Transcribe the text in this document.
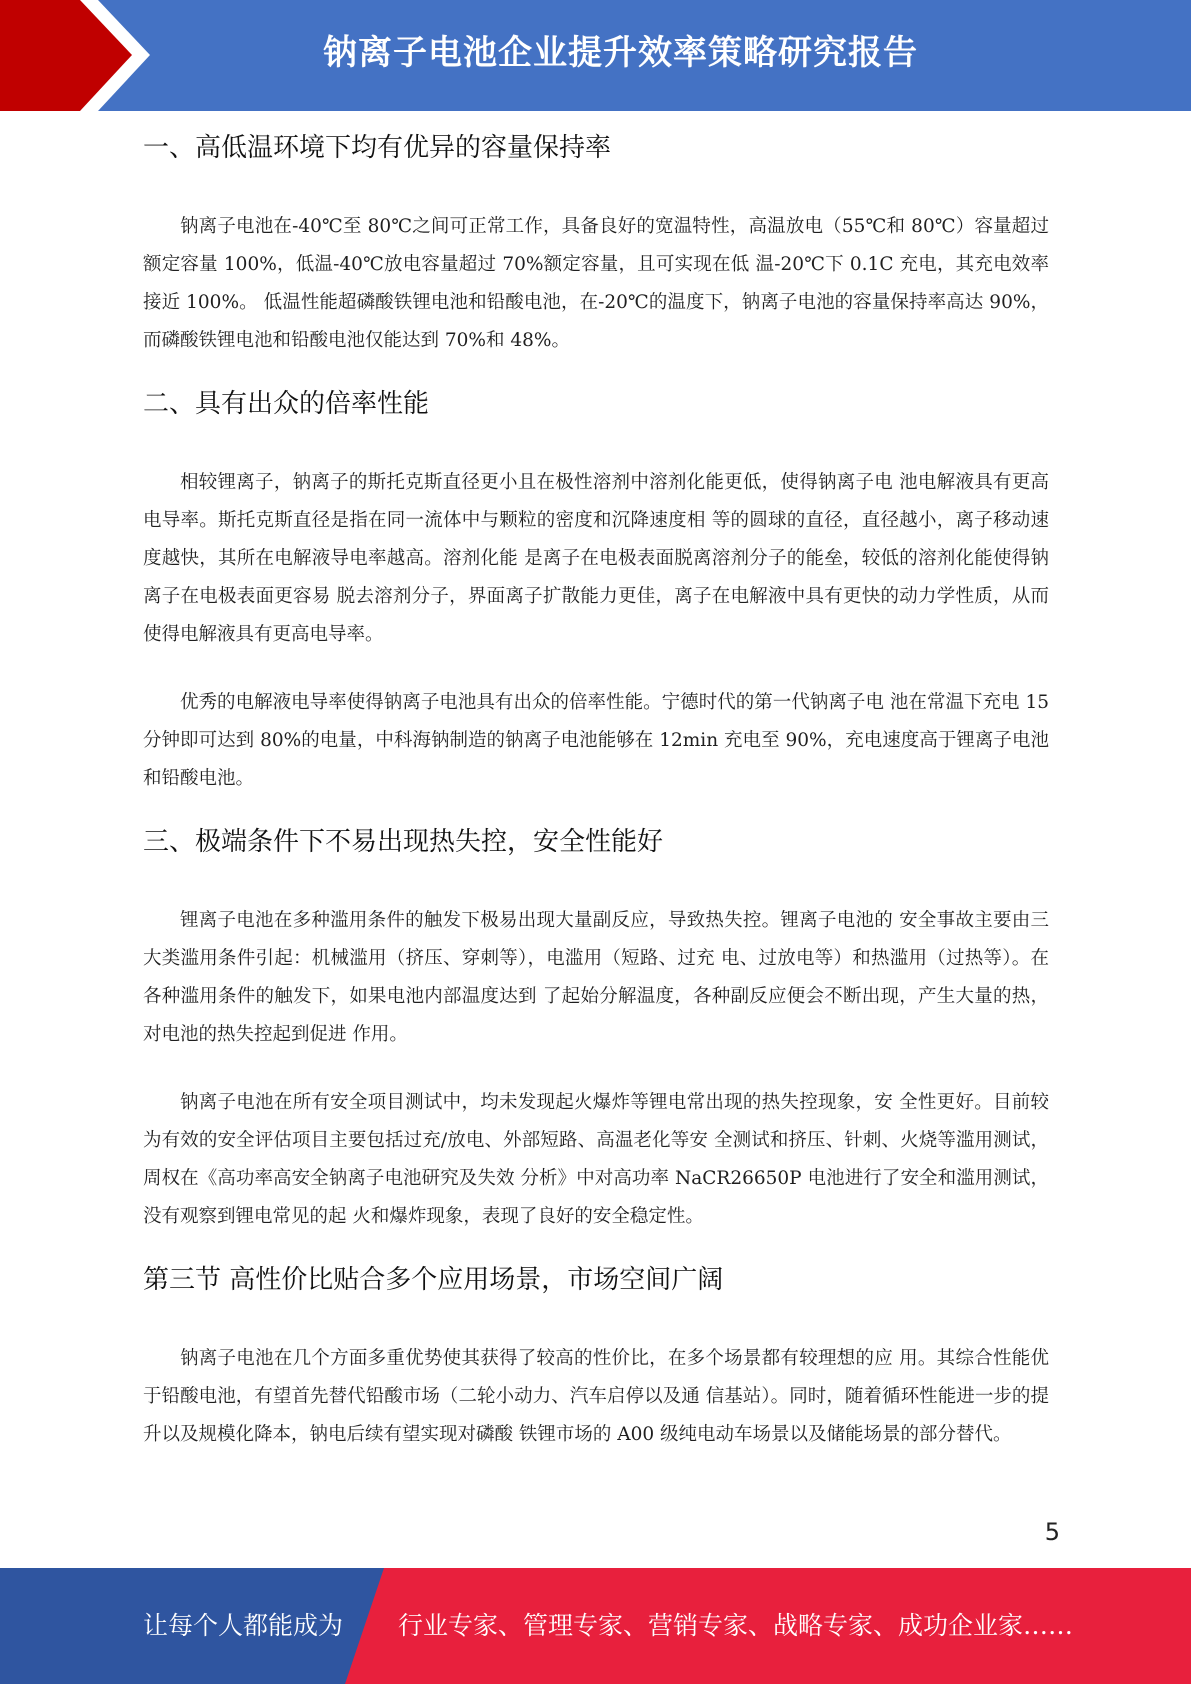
钠离子电池企业提升效率策略研究报告
一、高低温环境下均有优异的容量保持率

钠离子电池在-40℃至 80℃之间可正常工作，具备良好的宽温特性，高温放电（55℃和 80℃）容量超过额定容量 100%，低温-40℃放电容量超过 70%额定容量，且可实现在低 温-20℃下 0.1C 充电，其充电效率接近 100%。 低温性能超磷酸铁锂电池和铅酸电池，在-20℃的温度下，钠离子电池的容量保持率高达 90%，而磷酸铁锂电池和铅酸电池仅能达到 70%和 48%。

二、具有出众的倍率性能

相较锂离子，钠离子的斯托克斯直径更小且在极性溶剂中溶剂化能更低，使得钠离子电 池电解液具有更高电导率。斯托克斯直径是指在同一流体中与颗粒的密度和沉降速度相 等的圆球的直径，直径越小，离子移动速度越快，其所在电解液导电率越高。溶剂化能 是离子在电极表面脱离溶剂分子的能垒，较低的溶剂化能使得钠离子在电极表面更容易 脱去溶剂分子，界面离子扩散能力更佳，离子在电解液中具有更快的动力学性质，从而 使得电解液具有更高电导率。

优秀的电解液电导率使得钠离子电池具有出众的倍率性能。宁德时代的第一代钠离子电 池在常温下充电 15 分钟即可达到 80%的电量，中科海钠制造的钠离子电池能够在 12min 充电至 90%，充电速度高于锂离子电池和铅酸电池。

三、极端条件下不易出现热失控，安全性能好

锂离子电池在多种滥用条件的触发下极易出现大量副反应，导致热失控。锂离子电池的 安全事故主要由三大类滥用条件引起：机械滥用（挤压、穿刺等），电滥用（短路、过充 电、过放电等）和热滥用（过热等）。在各种滥用条件的触发下，如果电池内部温度达到 了起始分解温度，各种副反应便会不断出现，产生大量的热，对电池的热失控起到促进 作用。

钠离子电池在所有安全项目测试中，均未发现起火爆炸等锂电常出现的热失控现象，安 全性更好。目前较为有效的安全评估项目主要包括过充/放电、外部短路、高温老化等安 全测试和挤压、针刺、火烧等滥用测试，周权在《高功率高安全钠离子电池研究及失效 分析》中对高功率 NaCR26650P 电池进行了安全和滥用测试，没有观察到锂电常见的起 火和爆炸现象，表现了良好的安全稳定性。

第三节 高性价比贴合多个应用场景，市场空间广阔

钠离子电池在几个方面多重优势使其获得了较高的性价比，在多个场景都有较理想的应 用。其综合性能优于铅酸电池，有望首先替代铅酸市场（二轮小动力、汽车启停以及通 信基站）。同时，随着循环性能进一步的提升以及规模化降本，钠电后续有望实现对磷酸 铁锂市场的 A00 级纯电动车场景以及储能场景的部分替代。

5
让每个人都能成为 行业专家、管理专家、营销专家、战略专家、成功企业家……
